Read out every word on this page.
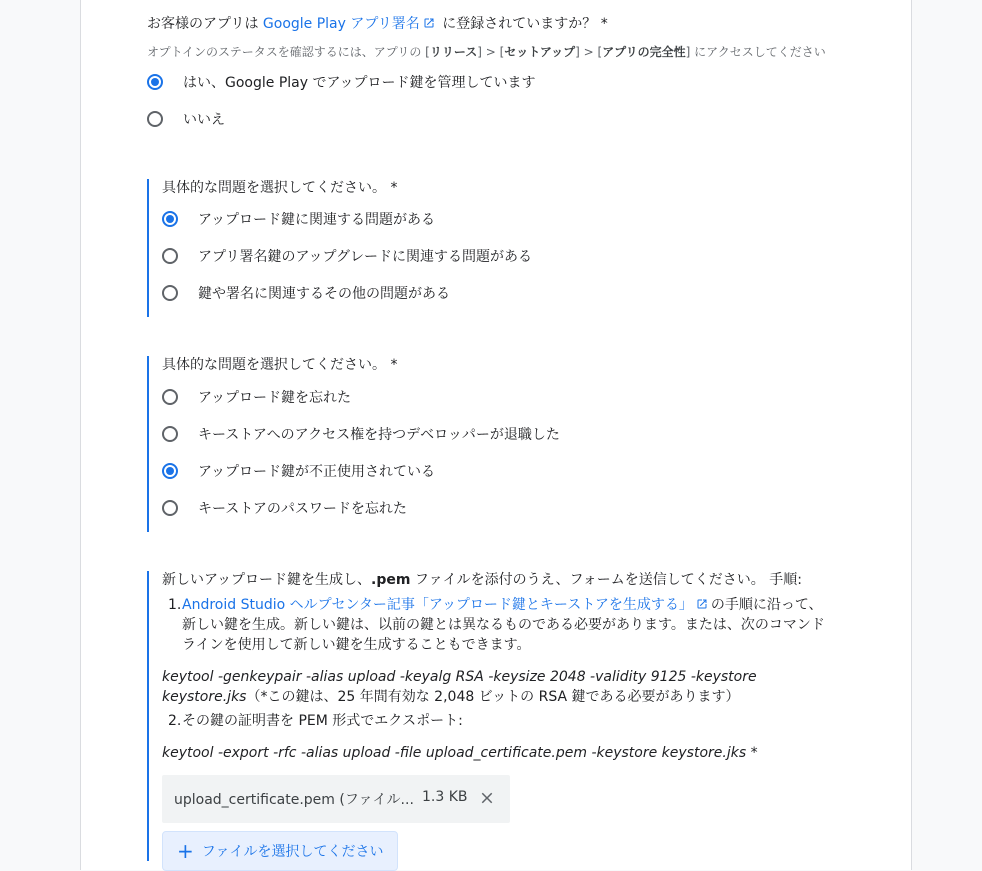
お客様のアプリは Google Play アプリ署名 に登録されていますか？ *
オプトインのステータスを確認するには、アプリの [リリース] > [セットアップ] > [アプリの完全性] にアクセスしてください
はい、Google Play でアップロード鍵を管理しています
いいえ
具体的な問題を選択してください。 *
アップロード鍵に関連する問題がある
アプリ署名鍵のアップグレードに関連する問題がある
鍵や署名に関連するその他の問題がある
具体的な問題を選択してください。 *
アップロード鍵を忘れた
キーストアへのアクセス権を持つデベロッパーが退職した
アップロード鍵が不正使用されている
キーストアのパスワードを忘れた
新しいアップロード鍵を生成し、.pem ファイルを添付のうえ、フォームを送信してください。 手順:
1. Android Studio ヘルプセンター記事「アップロード鍵とキーストアを生成する」 の手順に沿って、新しい鍵を生成。新しい鍵は、以前の鍵とは異なるものである必要があります。または、次のコマンドラインを使用して新しい鍵を生成することもできます。
keytool -genkeypair -alias upload -keyalg RSA -keysize 2048 -validity 9125 -keystore keystore.jks（*この鍵は、25 年間有効な 2,048 ビットの RSA 鍵である必要があります）
2. その鍵の証明書を PEM 形式でエクスポート:
keytool -export -rfc -alias upload -file upload_certificate.pem -keystore keystore.jks *
upload_certificate.pem (ファイル... 1.3 KB
+ ファイルを選択してください
